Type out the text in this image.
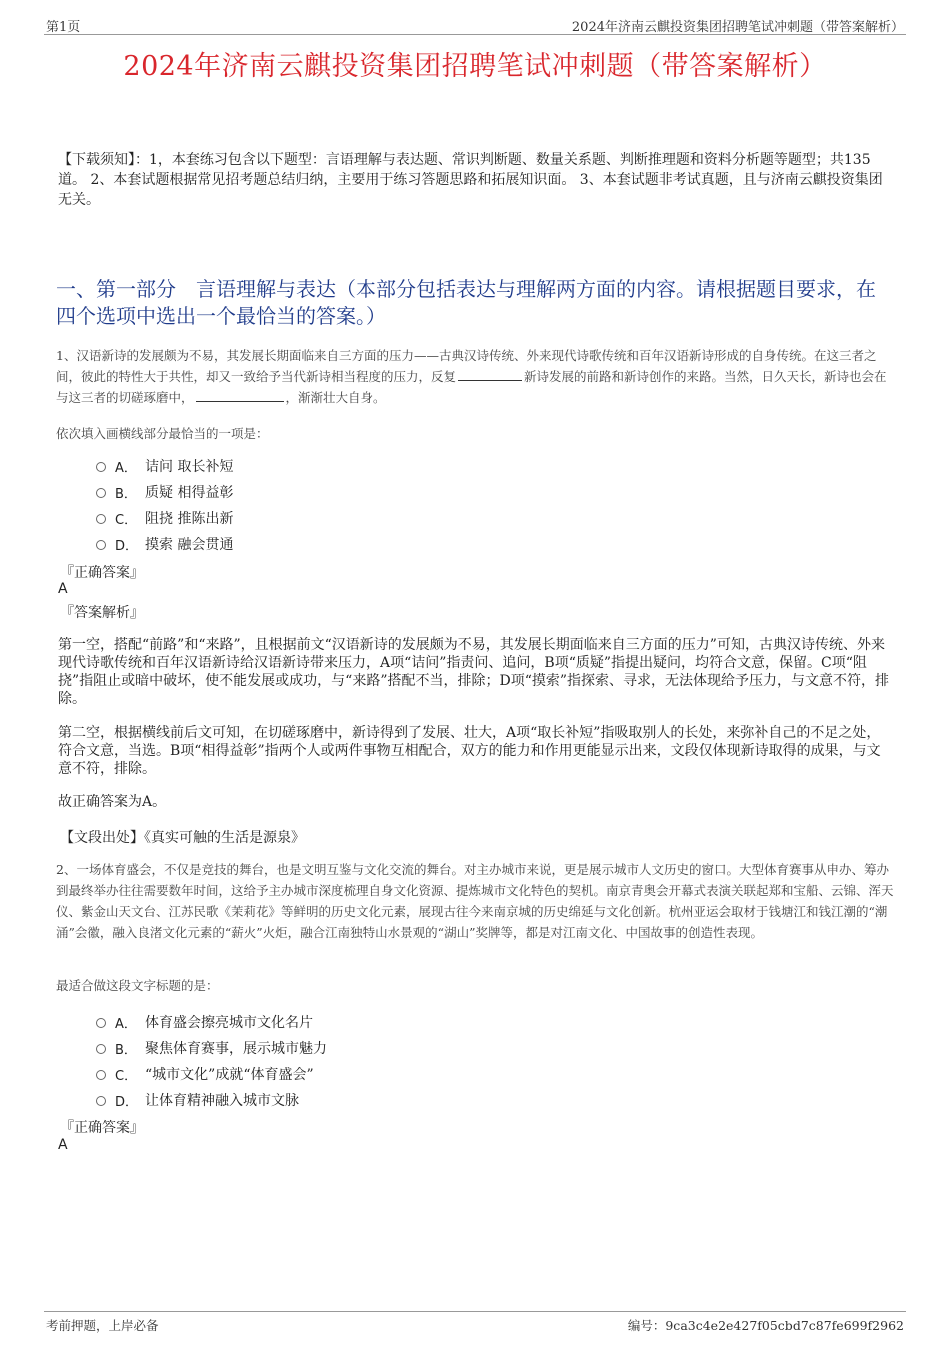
第1页	2024年济南云麒投资集团招聘笔试冲刺题（带答案解析）
2024年济南云麒投资集团招聘笔试冲刺题（带答案解析）
【下载须知】：1，本套练习包含以下题型：言语理解与表达题、常识判断题、数量关系题、判断推理题和资料分析题等题型；共135道。 2、本套试题根据常见招考题总结归纳，主要用于练习答题思路和拓展知识面。 3、本套试题非考试真题，且与济南云麒投资集团无关。
一、第一部分　言语理解与表达（本部分包括表达与理解两方面的内容。请根据题目要求，在四个选项中选出一个最恰当的答案。）
1、汉语新诗的发展颇为不易，其发展长期面临来自三方面的压力——古典汉诗传统、外来现代诗歌传统和百年汉语新诗形成的自身传统。在这三者之间，彼此的特性大于共性，却又一致给予当代新诗相当程度的压力，反复	新诗发展的前路和新诗创作的来路。当然，日久天长，新诗也会在与这三者的切磋琢磨中，	，渐渐壮大自身。
依次填入画横线部分最恰当的一项是：
A． 诘问 取长补短
B． 质疑 相得益彰
C． 阻挠 推陈出新
D． 摸索 融会贯通
『正确答案』
A
『答案解析』
第一空，搭配“前路”和“来路”，且根据前文“汉语新诗的发展颇为不易，其发展长期面临来自三方面的压力”可知，古典汉诗传统、外来现代诗歌传统和百年汉语新诗给汉语新诗带来压力，A项“诘问”指责问、追问，B项“质疑”指提出疑问，均符合文意，保留。C项“阻挠”指阻止或暗中破坏，使不能发展或成功，与“来路”搭配不当，排除；D项“摸索”指探索、寻求，无法体现给予压力，与文意不符，排除。
第二空，根据横线前后文可知，在切磋琢磨中，新诗得到了发展、壮大，A项“取长补短”指吸取别人的长处，来弥补自己的不足之处，符合文意，当选。B项“相得益彰”指两个人或两件事物互相配合，双方的能力和作用更能显示出来，文段仅体现新诗取得的成果，与文意不符，排除。
故正确答案为A。
【文段出处】《真实可触的生活是源泉》
2、一场体育盛会，不仅是竞技的舞台，也是文明互鉴与文化交流的舞台。对主办城市来说，更是展示城市人文历史的窗口。大型体育赛事从申办、筹办到最终举办往往需要数年时间，这给予主办城市深度梳理自身文化资源、提炼城市文化特色的契机。南京青奥会开幕式表演关联起郑和宝船、云锦、浑天仪、紫金山天文台、江苏民歌《茉莉花》等鲜明的历史文化元素，展现古往今来南京城的历史绵延与文化创新。杭州亚运会取材于钱塘江和钱江潮的“潮涌”会徽，融入良渚文化元素的“薪火”火炬，融合江南独特山水景观的“湖山”奖牌等，都是对江南文化、中国故事的创造性表现。
最适合做这段文字标题的是：
A． 体育盛会擦亮城市文化名片
B． 聚焦体育赛事，展示城市魅力
C． “城市文化”成就“体育盛会”
D． 让体育精神融入城市文脉
『正确答案』
A
考前押题，上岸必备	编号：9ca3c4e2e427f05cbd7c87fe699f2962
